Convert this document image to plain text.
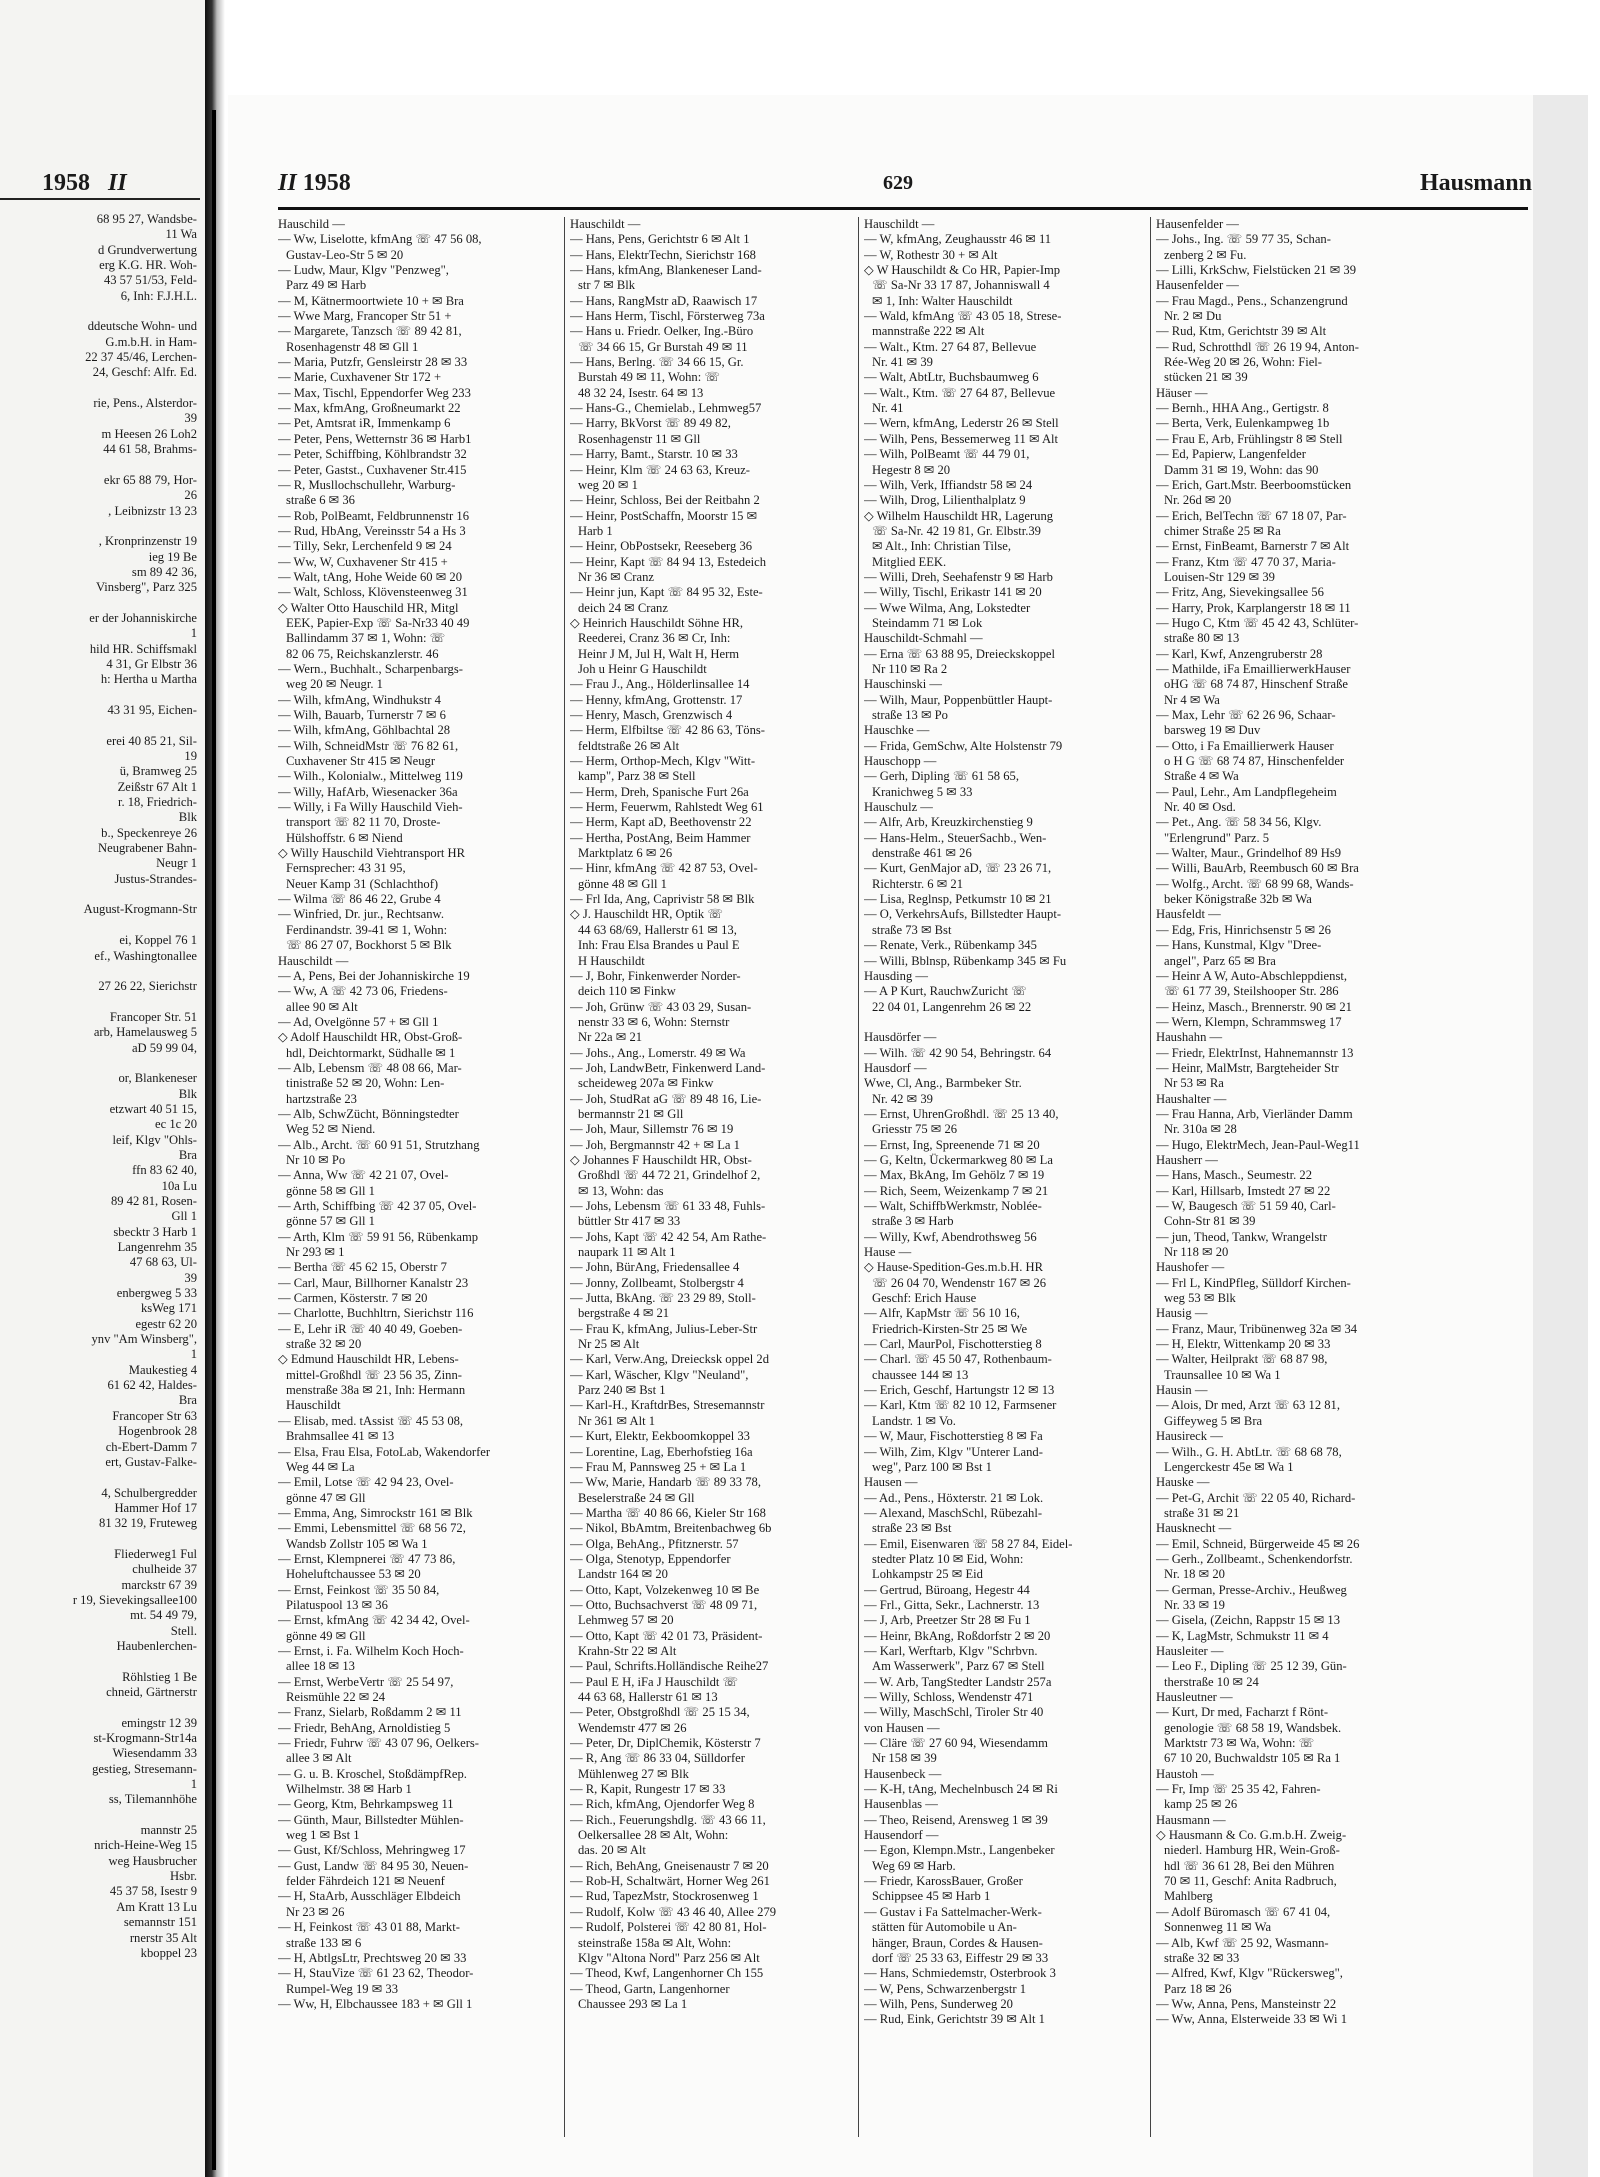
1958 II
68 95 27, Wandsbe-
11 Wa
d Grundverwertung
erg K.G. HR. Woh-
43 57 51/53, Feld-
6, Inh: F.J.H.L.
ddeutsche Wohn- und
G.m.b.H. in Ham-
22 37 45/46, Lerchen-
24, Geschf: Alfr. Ed.
rie, Pens., Alsterdor-
39
m Heesen 26 Loh2
44 61 58, Brahms-
ekr 65 88 79, Hor-
26
, Leibnizstr 13 23
, Kronprinzenstr 19
ieg 19 Be
sm 89 42 36,
Vinsberg", Parz 325
er der Johanniskirche
1
hild HR. Schiffsmakl
4 31, Gr Elbstr 36
h: Hertha u Martha
43 31 95, Eichen-
erei 40 85 21, Sil-
19
ü, Bramweg 25
Zeißstr 67 Alt 1
r. 18, Friedrich-
Blk
b., Speckenreye 26
Neugrabener Bahn-
Neugr 1
Justus-Strandes-
August-Krogmann-Str
ei, Koppel 76 1
ef., Washingtonallee
27 26 22, Sierichstr
Francoper Str. 51
arb, Hamelausweg 5
aD 59 99 04,
or, Blankeneser
Blk
etzwart 40 51 15,
ec 1c 20
leif, Klgv "Ohls-
Bra
ffn 83 62 40,
10a Lu
89 42 81, Rosen-
Gll 1
sbecktr 3 Harb 1
Langenrehm 35
47 68 63, Ul-
39
enbergweg 5 33
ksWeg 171
egestr 62 20
ynv "Am Winsberg",
1
Maukestieg 4
61 62 42, Haldes-
Bra
Francoper Str 63
Hogenbrook 28
ch-Ebert-Damm 7
ert, Gustav-Falke-
4, Schulbergredder
Hammer Hof 17
81 32 19, Fruteweg
Fliederweg1 Ful
chulheide 37
marckstr 67 39
r 19, Sievekingsallee100
mt. 54 49 79,
Stell.
Haubenlerchen-
Röhlstieg 1 Be
chneid, Gärtnerstr
emingstr 12 39
st-Krogmann-Str14a
Wiesendamm 33
gestieg, Stresemann-
1
ss, Tilemannhöhe
mannstr 25
nrich-Heine-Weg 15
weg Hausbrucher
Hsbr.
45 37 58, Isestr 9
Am Kratt 13 Lu
semannstr 151
rnerstr 35 Alt
kboppel 23
II 1958	629	Hausmann
Hauschild —
— Ww, Liselotte, kfmAng ☏ 47 56 08,
Gustav-Leo-Str 5 ✉ 20
— Ludw, Maur, Klgv "Penzweg",
Parz 49 ✉ Harb
— M, Kätnermoortwiete 10 + ✉ Bra
— Wwe Marg, Francoper Str 51 +
— Margarete, Tanzsch ☏ 89 42 81,
Rosenhagenstr 48 ✉ Gll 1
— Maria, Putzfr, Gensleirstr 28 ✉ 33
— Marie, Cuxhavener Str 172 +
— Max, Tischl, Eppendorfer Weg 233
— Max, kfmAng, Großneumarkt 22
— Pet, Amtsrat iR, Immenkamp 6
— Peter, Pens, Wetternstr 36 ✉ Harb1
— Peter, Schiffbing, Köhlbrandstr 32
— Peter, Gastst., Cuxhavener Str.415
— R, Musllochschullehr, Warburg-
straße 6 ✉ 36
— Rob, PolBeamt, Feldbrunnenstr 16
— Rud, HbAng, Vereinsstr 54 a Hs 3
— Tilly, Sekr, Lerchenfeld 9 ✉ 24
— Ww, W, Cuxhavener Str 415 +
— Walt, tAng, Hohe Weide 60 ✉ 20
— Walt, Schloss, Klövensteenweg 31
◇ Walter Otto Hauschild HR, Mitgl
EEK, Papier-Exp ☏ Sa-Nr33 40 49
Ballindamm 37 ✉ 1, Wohn: ☏
82 06 75, Reichskanzlerstr. 46
— Wern., Buchhalt., Scharpenbargs-
weg 20 ✉ Neugr. 1
— Wilh, kfmAng, Windhukstr 4
— Wilh, Bauarb, Turnerstr 7 ✉ 6
— Wilh, kfmAng, Göhlbachtal 28
— Wilh, SchneidMstr ☏ 76 82 61,
Cuxhavener Str 415 ✉ Neugr
— Wilh., Kolonialw., Mittelweg 119
— Willy, HafArb, Wiesenacker 36a
— Willy, i Fa Willy Hauschild Vieh-
transport ☏ 82 11 70, Droste-
Hülshoffstr. 6 ✉ Niend
◇ Willy Hauschild Viehtransport HR
Fernsprecher: 43 31 95,
Neuer Kamp 31 (Schlachthof)
— Wilma ☏ 86 46 22, Grube 4
— Winfried, Dr. jur., Rechtsanw.
Ferdinandstr. 39-41 ✉ 1, Wohn:
☏ 86 27 07, Bockhorst 5 ✉ Blk
Hauschildt —
— A, Pens, Bei der Johanniskirche 19
— Ww, A ☏ 42 73 06, Friedens-
allee 90 ✉ Alt
— Ad, Ovelgönne 57 + ✉ Gll 1
◇ Adolf Hauschildt HR, Obst-Groß-
hdl, Deichtormarkt, Südhalle ✉ 1
— Alb, Lebensm ☏ 48 08 66, Mar-
tinistraße 52 ✉ 20, Wohn: Len-
hartzstraße 23
— Alb, SchwZücht, Bönningstedter
Weg 52 ✉ Niend.
— Alb., Archt. ☏ 60 91 51, Strutzhang
Nr 10 ✉ Po
— Anna, Ww ☏ 42 21 07, Ovel-
gönne 58 ✉ Gll 1
— Arth, Schiffbing ☏ 42 37 05, Ovel-
gönne 57 ✉ Gll 1
— Arth, Klm ☏ 59 91 56, Rübenkamp
Nr 293 ✉ 1
— Bertha ☏ 45 62 15, Oberstr 7
— Carl, Maur, Billhorner Kanalstr 23
— Carmen, Kösterstr. 7 ✉ 20
— Charlotte, Buchhltrn, Sierichstr 116
— E, Lehr iR ☏ 40 40 49, Goeben-
straße 32 ✉ 20
◇ Edmund Hauschildt HR, Lebens-
mittel-Großhdl ☏ 23 56 35, Zinn-
menstraße 38a ✉ 21, Inh: Hermann
Hauschildt
— Elisab, med. tAssist ☏ 45 53 08,
Brahmsallee 41 ✉ 13
— Elsa, Frau Elsa, FotoLab, Wakendorfer
Weg 44 ✉ La
— Emil, Lotse ☏ 42 94 23, Ovel-
gönne 47 ✉ Gll
— Emma, Ang, Simrockstr 161 ✉ Blk
— Emmi, Lebensmittel ☏ 68 56 72,
Wandsb Zollstr 105 ✉ Wa 1
— Ernst, Klempnerei ☏ 47 73 86,
Hoheluftchaussee 53 ✉ 20
— Ernst, Feinkost ☏ 35 50 84,
Pilatuspool 13 ✉ 36
— Ernst, kfmAng ☏ 42 34 42, Ovel-
gönne 49 ✉ Gll
— Ernst, i. Fa. Wilhelm Koch Hoch-
allee 18 ✉ 13
— Ernst, WerbeVertr ☏ 25 54 97,
Reismühle 22 ✉ 24
— Franz, Sielarb, Roßdamm 2 ✉ 11
— Friedr, BehAng, Arnoldistieg 5
— Friedr, Fuhrw ☏ 43 07 96, Oelkers-
allee 3 ✉ Alt
— G. u. B. Kroschel, StoßdämpfRep.
Wilhelmstr. 38 ✉ Harb 1
— Georg, Ktm, Behrkampsweg 11
— Günth, Maur, Billstedter Mühlen-
weg 1 ✉ Bst 1
— Gust, Kf/Schloss, Mehringweg 17
— Gust, Landw ☏ 84 95 30, Neuen-
felder Fährdeich 121 ✉ Neuenf
— H, StaArb, Ausschläger Elbdeich
Nr 23 ✉ 26
— H, Feinkost ☏ 43 01 88, Markt-
straße 133 ✉ 6
— H, AbtlgsLtr, Prechtsweg 20 ✉ 33
— H, StauVize ☏ 61 23 62, Theodor-
Rumpel-Weg 19 ✉ 33
— Ww, H, Elbchaussee 183 + ✉ Gll 1
Hauschildt —
— Hans, Pens, Gerichtstr 6 ✉ Alt 1
— Hans, ElektrTechn, Sierichstr 168
— Hans, kfmAng, Blankeneser Land-
str 7 ✉ Blk
— Hans, RangMstr aD, Raawisch 17
— Hans Herm, Tischl, Försterweg 73a
— Hans u. Friedr. Oelker, Ing.-Büro
☏ 34 66 15, Gr Burstah 49 ✉ 11
— Hans, Berlng. ☏ 34 66 15, Gr.
Burstah 49 ✉ 11, Wohn: ☏
48 32 24, Isestr. 64 ✉ 13
— Hans-G., Chemielab., Lehmweg57
— Harry, BkVorst ☏ 89 49 82,
Rosenhagenstr 11 ✉ Gll
— Harry, Bamt., Starstr. 10 ✉ 33
— Heinr, Klm ☏ 24 63 63, Kreuz-
weg 20 ✉ 1
— Heinr, Schloss, Bei der Reitbahn 2
— Heinr, PostSchaffn, Moorstr 15 ✉
Harb 1
— Heinr, ObPostsekr, Reeseberg 36
— Heinr, Kapt ☏ 84 94 13, Estedeich
Nr 36 ✉ Cranz
— Heinr jun, Kapt ☏ 84 95 32, Este-
deich 24 ✉ Cranz
◇ Heinrich Hauschildt Söhne HR,
Reederei, Cranz 36 ✉ Cr, Inh:
Heinr J M, Jul H, Walt H, Herm
Joh u Heinr G Hauschildt
— Frau J., Ang., Hölderlinsallee 14
— Henny, kfmAng, Grottenstr. 17
— Henry, Masch, Grenzwisch 4
— Herm, Elfbiltse ☏ 42 86 63, Töns-
feldtstraße 26 ✉ Alt
— Herm, Orthop-Mech, Klgv "Witt-
kamp", Parz 38 ✉ Stell
— Herm, Dreh, Spanische Furt 26a
— Herm, Feuerwm, Rahlstedt Weg 61
— Herm, Kapt aD, Beethovenstr 22
— Hertha, PostAng, Beim Hammer
Marktplatz 6 ✉ 26
— Hinr, kfmAng ☏ 42 87 53, Ovel-
gönne 48 ✉ Gll 1
— Frl Ida, Ang, Caprivistr 58 ✉ Blk
◇ J. Hauschildt HR, Optik ☏
44 63 68/69, Hallerstr 61 ✉ 13,
Inh: Frau Elsa Brandes u Paul E
H Hauschildt
— J, Bohr, Finkenwerder Norder-
deich 110 ✉ Finkw
— Joh, Grünw ☏ 43 03 29, Susan-
nenstr 33 ✉ 6, Wohn: Sternstr
Nr 22a ✉ 21
— Johs., Ang., Lomerstr. 49 ✉ Wa
— Joh, LandwBetr, Finkenwerd Land-
scheideweg 207a ✉ Finkw
— Joh, StudRat aG ☏ 89 48 16, Lie-
bermannstr 21 ✉ Gll
— Joh, Maur, Sillemstr 76 ✉ 19
— Joh, Bergmannstr 42 + ✉ La 1
◇ Johannes F Hauschildt HR, Obst-
Großhdl ☏ 44 72 21, Grindelhof 2,
✉ 13, Wohn: das
— Johs, Lebensm ☏ 61 33 48, Fuhls-
büttler Str 417 ✉ 33
— Johs, Kapt ☏ 42 42 54, Am Rathe-
naupark 11 ✉ Alt 1
— John, BürAng, Friedensallee 4
— Jonny, Zollbeamt, Stolbergstr 4
— Jutta, BkAng. ☏ 23 29 89, Stoll-
bergstraße 4 ✉ 21
— Frau K, kfmAng, Julius-Leber-Str
Nr 25 ✉ Alt
— Karl, Verw.Ang, Dreiecksk oppel 2d
— Karl, Wäscher, Klgv "Neuland",
Parz 240 ✉ Bst 1
— Karl-H., KraftdrBes, Stresemannstr
Nr 361 ✉ Alt 1
— Kurt, Elektr, Eekboomkoppel 33
— Lorentine, Lag, Eberhofstieg 16a
— Frau M, Pannsweg 25 + ✉ La 1
— Ww, Marie, Handarb ☏ 89 33 78,
Beselerstraße 24 ✉ Gll
— Martha ☏ 40 86 66, Kieler Str 168
— Nikol, BbAmtm, Breitenbachweg 6b
— Olga, BehAng., Pfitznerstr. 57
— Olga, Stenotyp, Eppendorfer
Landstr 164 ✉ 20
— Otto, Kapt, Volzekenweg 10 ✉ Be
— Otto, Buchsachverst ☏ 48 09 71,
Lehmweg 57 ✉ 20
— Otto, Kapt ☏ 42 01 73, Präsident-
Krahn-Str 22 ✉ Alt
— Paul, Schrifts.Holländische Reihe27
— Paul E H, iFa J Hauschildt ☏
44 63 68, Hallerstr 61 ✉ 13
— Peter, Obstgroßhdl ☏ 25 15 34,
Wendemstr 477 ✉ 26
— Peter, Dr, DiplChemik, Kösterstr 7
— R, Ang ☏ 86 33 04, Sülldorfer
Mühlenweg 27 ✉ Blk
— R, Kapit, Rungestr 17 ✉ 33
— Rich, kfmAng, Ojendorfer Weg 8
— Rich., Feuerungshdlg. ☏ 43 66 11,
Oelkersallee 28 ✉ Alt, Wohn:
das. 20 ✉ Alt
— Rich, BehAng, Gneisenaustr 7 ✉ 20
— Rob-H, Schaltwärt, Horner Weg 261
— Rud, TapezMstr, Stockrosenweg 1
— Rudolf, Kolw ☏ 43 46 40, Allee 279
— Rudolf, Polsterei ☏ 42 80 81, Hol-
steinstraße 158a ✉ Alt, Wohn:
Klgv "Altona Nord" Parz 256 ✉ Alt
— Theod, Kwf, Langenhorner Ch 155
— Theod, Gartn, Langenhorner
Chaussee 293 ✉ La 1
Hauschildt —
— W, kfmAng, Zeughausstr 46 ✉ 11
— W, Rothestr 30 + ✉ Alt
◇ W Hauschildt & Co HR, Papier-Imp
☏ Sa-Nr 33 17 87, Johanniswall 4
✉ 1, Inh: Walter Hauschildt
— Wald, kfmAng ☏ 43 05 18, Strese-
mannstraße 222 ✉ Alt
— Walt., Ktm. 27 64 87, Bellevue
Nr. 41 ✉ 39
— Walt, AbtLtr, Buchsbaumweg 6
— Walt., Ktm. ☏ 27 64 87, Bellevue
Nr. 41
— Wern, kfmAng, Lederstr 26 ✉ Stell
— Wilh, Pens, Bessemerweg 11 ✉ Alt
— Wilh, PolBeamt ☏ 44 79 01,
Hegestr 8 ✉ 20
— Wilh, Verk, Iffiandstr 58 ✉ 24
— Wilh, Drog, Lilienthalplatz 9
◇ Wilhelm Hauschildt HR, Lagerung
☏ Sa-Nr. 42 19 81, Gr. Elbstr.39
✉ Alt., Inh: Christian Tilse,
Mitglied EEK.
— Willi, Dreh, Seehafenstr 9 ✉ Harb
— Willy, Tischl, Erikastr 141 ✉ 20
— Wwe Wilma, Ang, Lokstedter
Steindamm 71 ✉ Lok
Hauschildt-Schmahl —
— Erna ☏ 63 88 95, Dreieckskoppel
Nr 110 ✉ Ra 2
Hauschinski —
— Wilh, Maur, Poppenbüttler Haupt-
straße 13 ✉ Po
Hauschke —
— Frida, GemSchw, Alte Holstenstr 79
Hauschopp —
— Gerh, Dipling ☏ 61 58 65,
Kranichweg 5 ✉ 33
Hauschulz —
— Alfr, Arb, Kreuzkirchenstieg 9
— Hans-Helm., SteuerSachb., Wen-
denstraße 461 ✉ 26
— Kurt, GenMajor aD, ☏ 23 26 71,
Richterstr. 6 ✉ 21
— Lisa, Reglnsp, Petkumstr 10 ✉ 21
— O, VerkehrsAufs, Billstedter Haupt-
straße 73 ✉ Bst
— Renate, Verk., Rübenkamp 345
— Willi, Bblnsp, Rübenkamp 345 ✉ Fu
Hausding —
— A P Kurt, RauchwZuricht ☏
22 04 01, Langenrehm 26 ✉ 22
Hausdörfer —
— Wilh. ☏ 42 90 54, Behringstr. 64
Hausdorf —
Wwe, Cl, Ang., Barmbeker Str.
Nr. 42 ✉ 39
— Ernst, UhrenGroßhdl. ☏ 25 13 40,
Griesstr 75 ✉ 26
— Ernst, Ing, Spreenende 71 ✉ 20
— G, Keltn, Ückermarkweg 80 ✉ La
— Max, BkAng, Im Gehölz 7 ✉ 19
— Rich, Seem, Weizenkamp 7 ✉ 21
— Walt, SchiffbWerkmstr, Noblée-
straße 3 ✉ Harb
— Willy, Kwf, Abendrothsweg 56
Hause —
◇ Hause-Spedition-Ges.m.b.H. HR
☏ 26 04 70, Wendenstr 167 ✉ 26
Geschf: Erich Hause
— Alfr, KapMstr ☏ 56 10 16,
Friedrich-Kirsten-Str 25 ✉ We
— Carl, MaurPol, Fischotterstieg 8
— Charl. ☏ 45 50 47, Rothenbaum-
chaussee 144 ✉ 13
— Erich, Geschf, Hartungstr 12 ✉ 13
— Karl, Ktm ☏ 82 10 12, Farmsener
Landstr. 1 ✉ Vo.
— W, Maur, Fischotterstieg 8 ✉ Fa
— Wilh, Zim, Klgv "Unterer Land-
weg", Parz 100 ✉ Bst 1
Hausen —
— Ad., Pens., Höxterstr. 21 ✉ Lok.
— Alexand, MaschSchl, Rübezahl-
straße 23 ✉ Bst
— Emil, Eisenwaren ☏ 58 27 84, Eidel-
stedter Platz 10 ✉ Eid, Wohn:
Lohkampstr 25 ✉ Eid
— Gertrud, Büroang, Hegestr 44
— Frl., Gitta, Sekr., Lachnerstr. 13
— J, Arb, Preetzer Str 28 ✉ Fu 1
— Heinr, BkAng, Roßdorfstr 2 ✉ 20
— Karl, Werftarb, Klgv "Schrbvn.
Am Wasserwerk", Parz 67 ✉ Stell
— W. Arb, TangStedter Landstr 257a
— Willy, Schloss, Wendenstr 471
— Willy, MaschSchl, Tiroler Str 40
von Hausen —
— Cläre ☏ 27 60 94, Wiesendamm
Nr 158 ✉ 39
Hausenbeck —
— K-H, tAng, Mechelnbusch 24 ✉ Ri
Hausenblas —
— Theo, Reisend, Arensweg 1 ✉ 39
Hausendorf —
— Egon, Klempn.Mstr., Langenbeker
Weg 69 ✉ Harb.
— Friedr, KarossBauer, Großer
Schippsee 45 ✉ Harb 1
— Gustav i Fa Sattelmacher-Werk-
stätten für Automobile u An-
hänger, Braun, Cordes & Hausen-
dorf ☏ 25 33 63, Eiffestr 29 ✉ 33
— Hans, Schmiedemstr, Osterbrook 3
— W, Pens, Schwarzenbergstr 1
— Wilh, Pens, Sunderweg 20
— Rud, Eink, Gerichtstr 39 ✉ Alt 1
Hausenfelder —
— Johs., Ing. ☏ 59 77 35, Schan-
zenberg 2 ✉ Fu.
— Lilli, KrkSchw, Fielstücken 21 ✉ 39
Hausenfelder —
— Frau Magd., Pens., Schanzengrund
Nr. 2 ✉ Du
— Rud, Ktm, Gerichtstr 39 ✉ Alt
— Rud, Schrotthdl ☏ 26 19 94, Anton-
Rée-Weg 20 ✉ 26, Wohn: Fiel-
stücken 21 ✉ 39
Häuser —
— Bernh., HHA Ang., Gertigstr. 8
— Berta, Verk, Eulenkampweg 1b
— Frau E, Arb, Frühlingstr 8 ✉ Stell
— Ed, Papierw, Langenfelder
Damm 31 ✉ 19, Wohn: das 90
— Erich, Gart.Mstr. Beerboomstücken
Nr. 26d ✉ 20
— Erich, BelTechn ☏ 67 18 07, Par-
chimer Straße 25 ✉ Ra
— Ernst, FinBeamt, Barnerstr 7 ✉ Alt
— Franz, Ktm ☏ 47 70 37, Maria-
Louisen-Str 129 ✉ 39
— Fritz, Ang, Sievekingsallee 56
— Harry, Prok, Karplangerstr 18 ✉ 11
— Hugo C, Ktm ☏ 45 42 43, Schlüter-
straße 80 ✉ 13
— Karl, Kwf, Anzengruberstr 28
— Mathilde, iFa EmaillierwerkHauser
oHG ☏ 68 74 87, Hinschenf Straße
Nr 4 ✉ Wa
— Max, Lehr ☏ 62 26 96, Schaar-
barsweg 19 ✉ Duv
— Otto, i Fa Emaillierwerk Hauser
o H G ☏ 68 74 87, Hinschenfelder
Straße 4 ✉ Wa
— Paul, Lehr., Am Landpflegeheim
Nr. 40 ✉ Osd.
— Pet., Ang. ☏ 58 34 56, Klgv.
"Erlengrund" Parz. 5
— Walter, Maur., Grindelhof 89 Hs9
— Willi, BauArb, Reembusch 60 ✉ Bra
— Wolfg., Archt. ☏ 68 99 68, Wands-
beker Königstraße 32b ✉ Wa
Hausfeldt —
— Edg, Fris, Hinrichsenstr 5 ✉ 26
— Hans, Kunstmal, Klgv "Dree-
angel", Parz 65 ✉ Bra
— Heinr A W, Auto-Abschleppdienst,
☏ 61 77 39, Steilshooper Str. 286
— Heinz, Masch., Brennerstr. 90 ✉ 21
— Wern, Klempn, Schrammsweg 17
Haushahn —
— Friedr, ElektrInst, Hahnemannstr 13
— Heinr, MalMstr, Bargteheider Str
Nr 53 ✉ Ra
Haushalter —
— Frau Hanna, Arb, Vierländer Damm
Nr. 310a ✉ 28
— Hugo, ElektrMech, Jean-Paul-Weg11
Hausherr —
— Hans, Masch., Seumestr. 22
— Karl, Hillsarb, Imstedt 27 ✉ 22
— W, Baugesch ☏ 51 59 40, Carl-
Cohn-Str 81 ✉ 39
— jun, Theod, Tankw, Wrangelstr
Nr 118 ✉ 20
Haushofer —
— Frl L, KindPfleg, Sülldorf Kirchen-
weg 53 ✉ Blk
Hausig —
— Franz, Maur, Tribünenweg 32a ✉ 34
— H, Elektr, Wittenkamp 20 ✉ 33
— Walter, Heilprakt ☏ 68 87 98,
Traunsallee 10 ✉ Wa 1
Hausin —
— Alois, Dr med, Arzt ☏ 63 12 81,
Giffeyweg 5 ✉ Bra
Hausireck —
— Wilh., G. H. AbtLtr. ☏ 68 68 78,
Lengerckestr 45e ✉ Wa 1
Hauske —
— Pet-G, Archit ☏ 22 05 40, Richard-
straße 31 ✉ 21
Hausknecht —
— Emil, Schneid, Bürgerweide 45 ✉ 26
— Gerh., Zollbeamt., Schenkendorfstr.
Nr. 18 ✉ 20
— German, Presse-Archiv., Heußweg
Nr. 33 ✉ 19
— Gisela, (Zeichn, Rappstr 15 ✉ 13
— K, LagMstr, Schmukstr 11 ✉ 4
Hausleiter —
— Leo F., Dipling ☏ 25 12 39, Gün-
therstraße 10 ✉ 24
Hausleutner —
— Kurt, Dr med, Facharzt f Rönt-
genologie ☏ 68 58 19, Wandsbek.
Marktstr 73 ✉ Wa, Wohn: ☏
67 10 20, Buchwaldstr 105 ✉ Ra 1
Haustoh —
— Fr, Imp ☏ 25 35 42, Fahren-
kamp 25 ✉ 26
Hausmann —
◇ Hausmann & Co. G.m.b.H. Zweig-
niederl. Hamburg HR, Wein-Groß-
hdl ☏ 36 61 28, Bei den Mühren
70 ✉ 11, Geschf: Anita Radbruch,
Mahlberg
— Adolf Büromasch ☏ 67 41 04,
Sonnenweg 11 ✉ Wa
— Alb, Kwf ☏ 25 92, Wasmann-
straße 32 ✉ 33
— Alfred, Kwf, Klgv "Rückersweg",
Parz 18 ✉ 26
— Ww, Anna, Pens, Mansteinstr 22
— Ww, Anna, Elsterweide 33 ✉ Wi 1
